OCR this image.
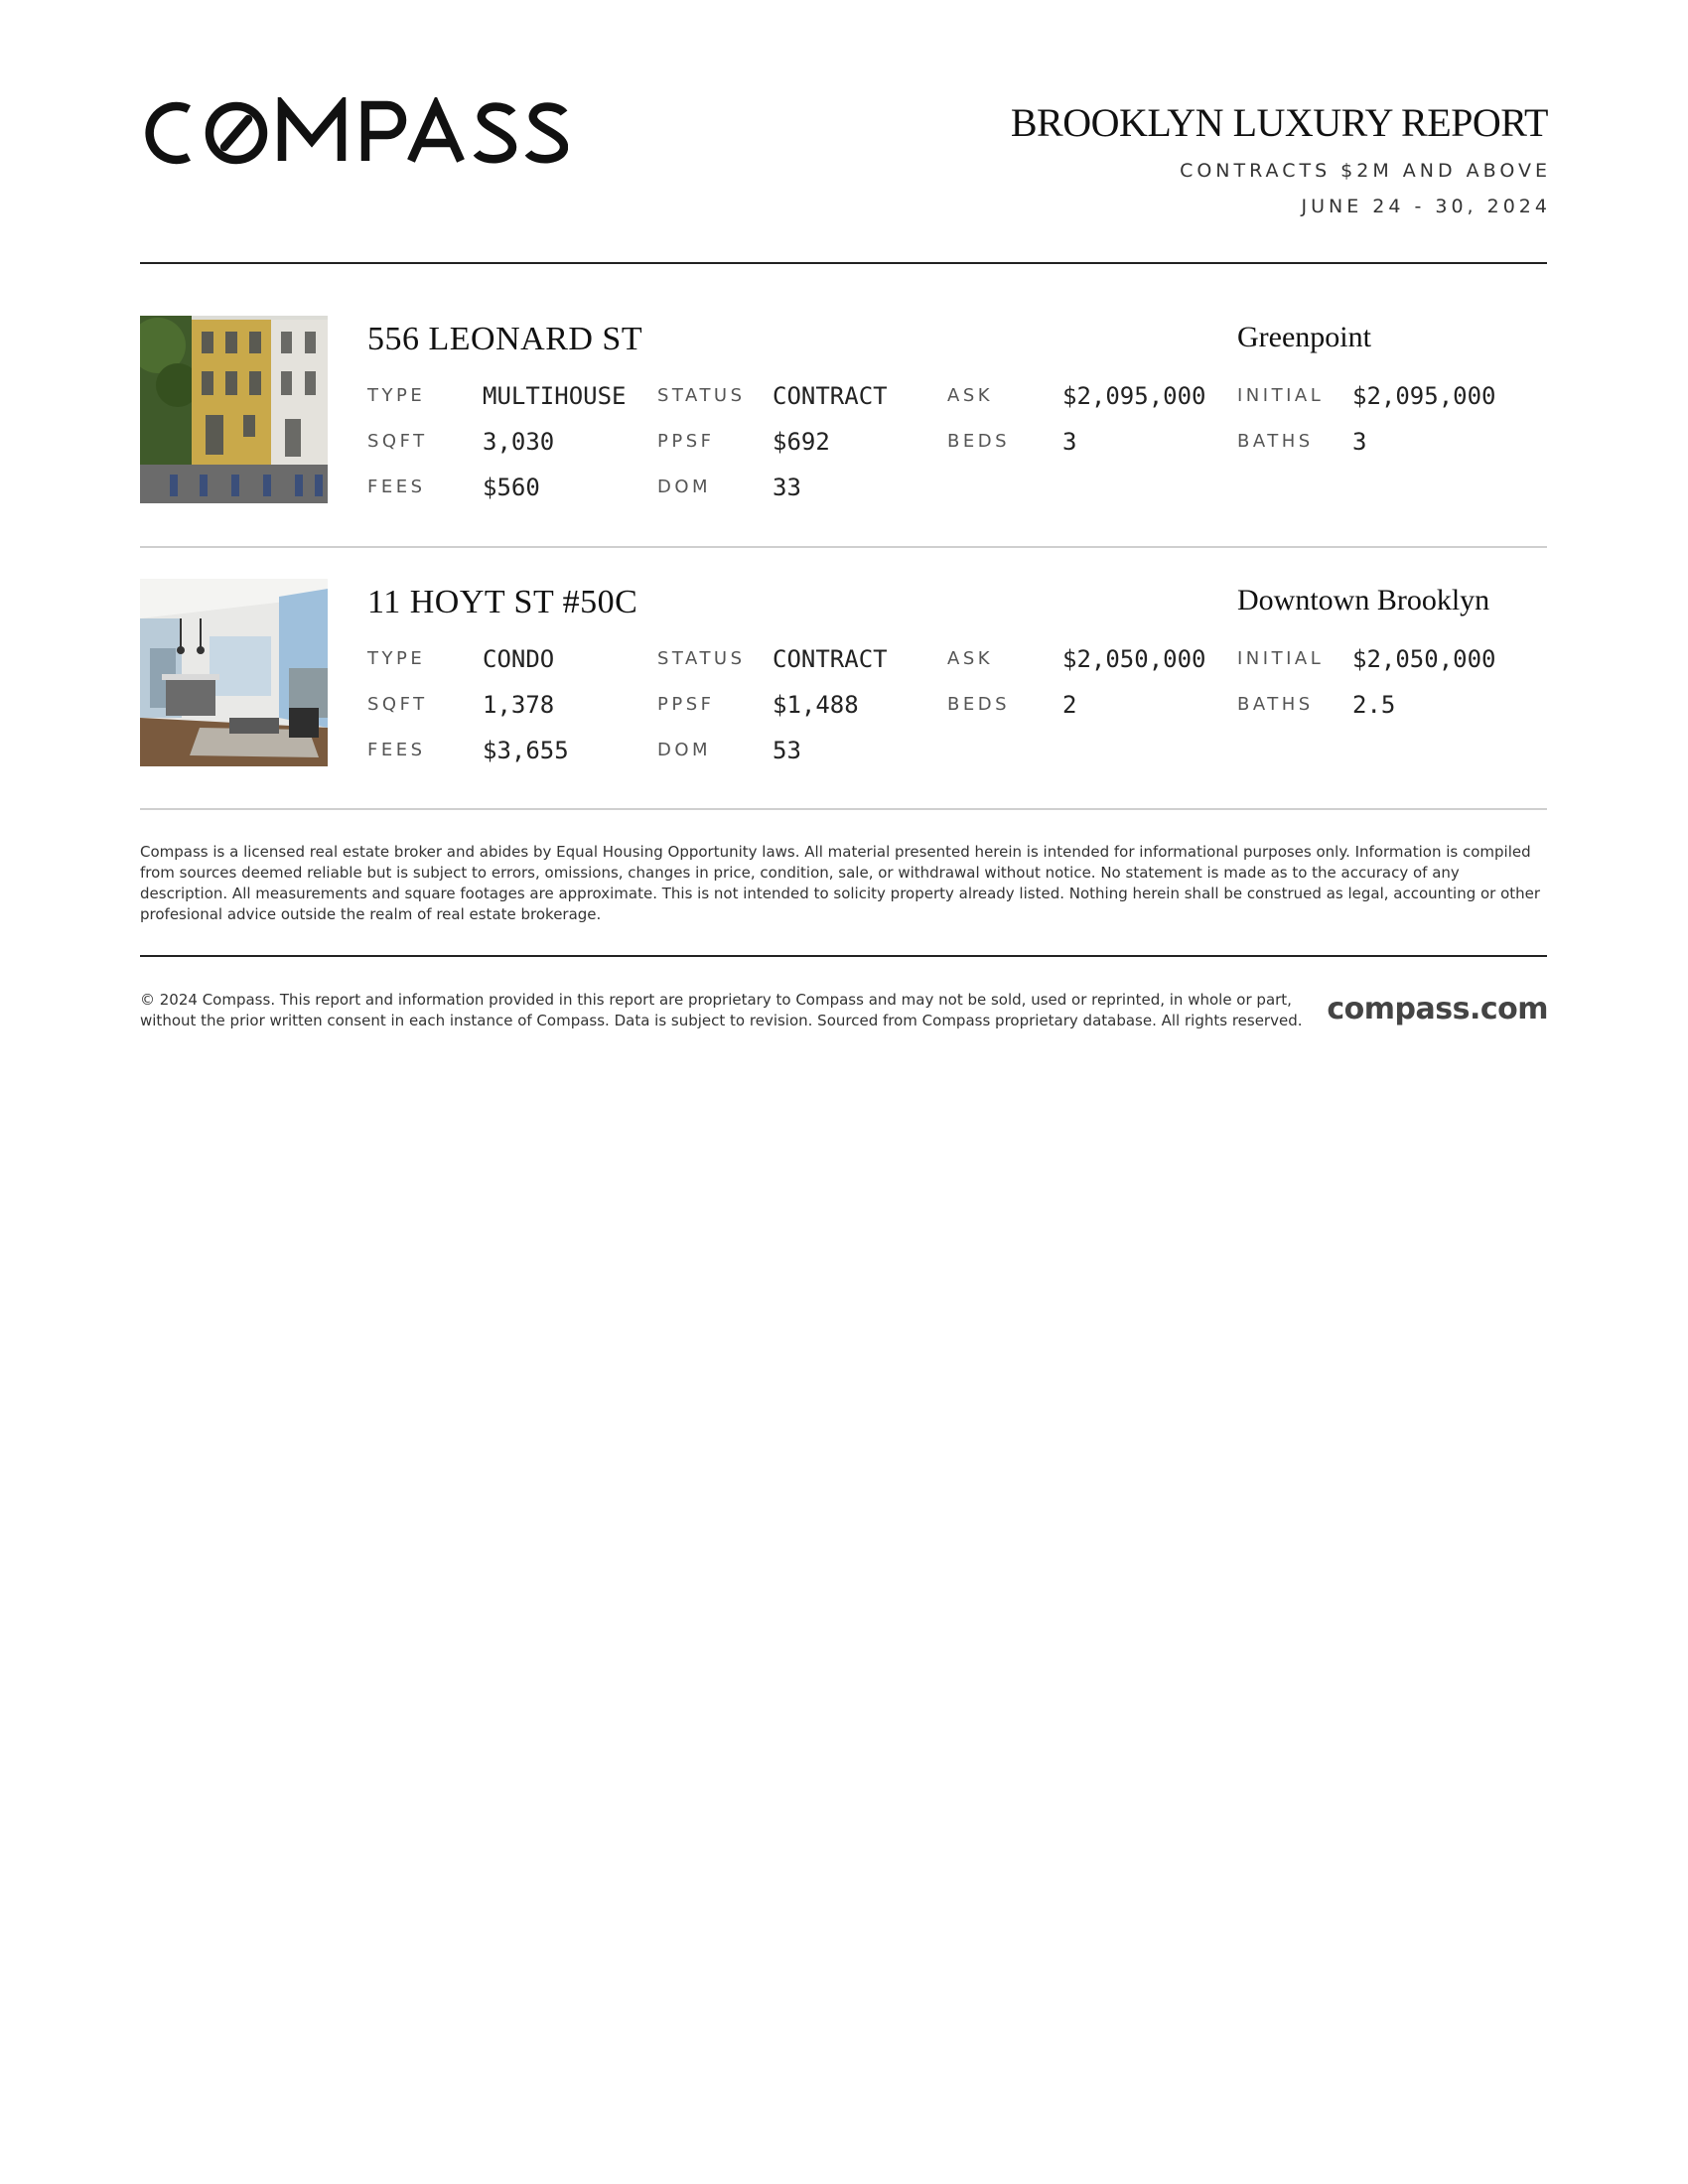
BROOKLYN LUXURY REPORT
CONTRACTS $2M AND ABOVE
JUNE 24 - 30, 2024
556 LEONARD ST	Greenpoint
TYPE MULTIHOUSE STATUS CONTRACT	ASK	$2,095,000 INITIAL $2,095,000
SQFT 3,030	PPSF $692	BEDS 3	BATHS 3
FEES $560	DOM	33
11 HOYT ST #50C	Downtown Brooklyn
TYPE CONDO	STATUS CONTRACT	ASK	$2,050,000 INITIAL $2,050,000
SQFT 1,378	PPSF $1,488	BEDS 2	BATHS 2.5
FEES $3,655	DOM	53
Compass is a licensed real estate broker and abides by Equal Housing Opportunity laws. All material presented herein is intended for informational purposes only. Information is compiled from sources deemed reliable but is subject to errors, omissions, changes in price, condition, sale, or withdrawal without notice. No statement is made as to the accuracy of any description. All measurements and square footages are approximate. This is not intended to solicity property already listed. Nothing herein shall be construed as legal, accounting or other profesional advice outside the realm of real estate brokerage.
© 2024 Compass. This report and information provided in this report are proprietary to Compass and may not be sold, used or reprinted, in whole or part, without the prior written consent in each instance of Compass. Data is subject to revision. Sourced from Compass proprietary database. All rights reserved. compass.com
